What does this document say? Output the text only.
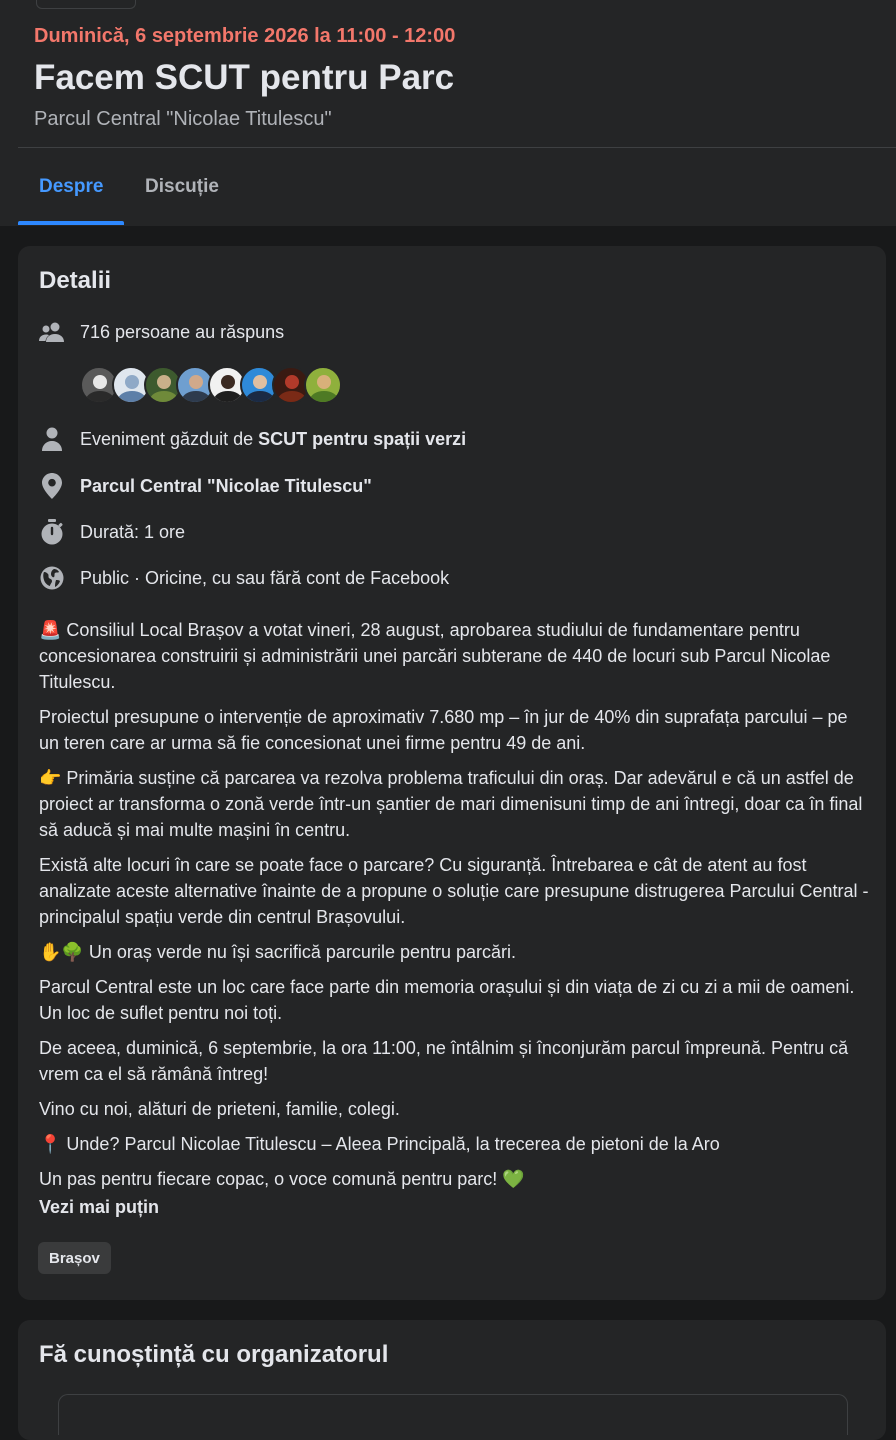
Duminică, 6 septembrie 2026 la 11:00 - 12:00
Facem SCUT pentru Parc
Parcul Central "Nicolae Titulescu"
Despre Discuție
Detalii
716 persoane au răspuns
Eveniment găzduit de SCUT pentru spații verzi
Parcul Central "Nicolae Titulescu"
Durată: 1 ore
Public · Oricine, cu sau fără cont de Facebook

🚨 Consiliul Local Brașov a votat vineri, 28 august, aprobarea studiului de fundamentare pentru concesionarea construirii și administrării unei parcări subterane de 440 de locuri sub Parcul Nicolae Titulescu.

Proiectul presupune o intervenție de aproximativ 7.680 mp – în jur de 40% din suprafața parcului – pe un teren care ar urma să fie concesionat unei firme pentru 49 de ani.

👉 Primăria susține că parcarea va rezolva problema traficului din oraș. Dar adevărul e că un astfel de proiect ar transforma o zonă verde într-un șantier de mari dimenisuni timp de ani întregi, doar ca în final să aducă și mai multe mașini în centru.

Există alte locuri în care se poate face o parcare? Cu siguranță. Întrebarea e cât de atent au fost analizate aceste alternative înainte de a propune o soluție care presupune distrugerea Parcului Central - principalul spațiu verde din centrul Brașovului.

✋🌳 Un oraș verde nu își sacrifică parcurile pentru parcări.

Parcul Central este un loc care face parte din memoria orașului și din viața de zi cu zi a mii de oameni. Un loc de suflet pentru noi toți.

De aceea, duminică, 6 septembrie, la ora 11:00, ne întâlnim și înconjurăm parcul împreună. Pentru că vrem ca el să rămână întreg!

Vino cu noi, alături de prieteni, familie, colegi.

📍 Unde? Parcul Nicolae Titulescu – Aleea Principală, la trecerea de pietoni de la Aro

Un pas pentru fiecare copac, o voce comună pentru parc! 💚

Vezi mai puțin
Brașov
Fă cunoștință cu organizatorul
